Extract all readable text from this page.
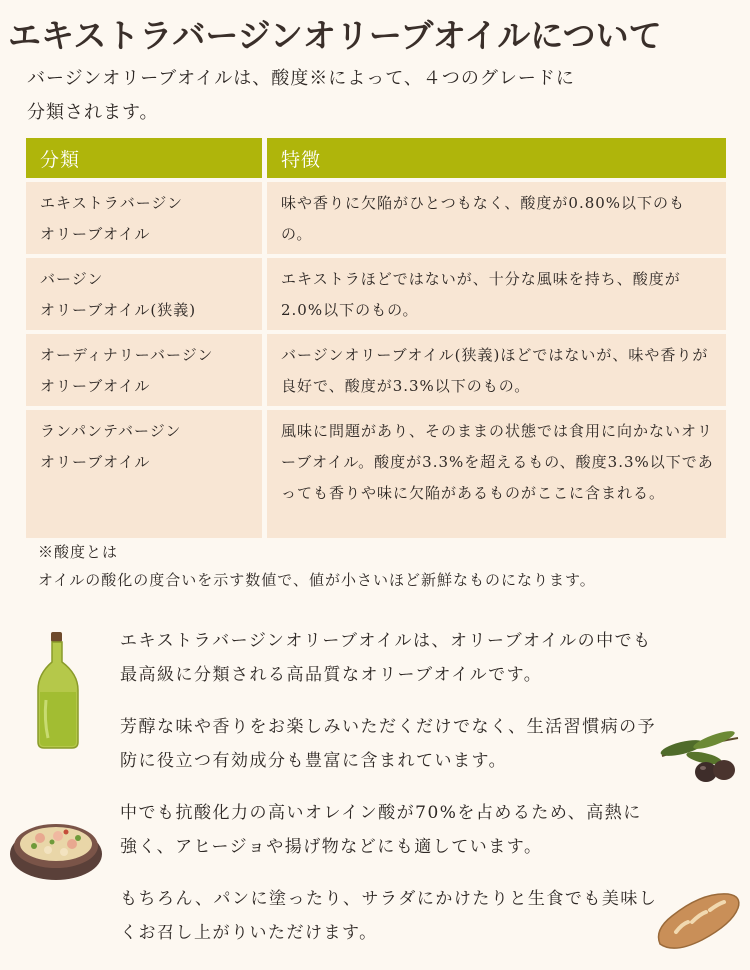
エキストラバージンオリーブオイルについて
バージンオリーブオイルは、酸度※によって、４つのグレードに
分類されます。
分類	特徴

エキストラバージン
オリーブオイル	味や香りに欠陥がひとつもなく、酸度が0.80%以下のもの。

バージン
オリーブオイル(狭義)	エキストラほどではないが、十分な風味を持ち、酸度が2.0%以下のもの。

オーディナリーバージン
オリーブオイル	バージンオリーブオイル(狭義)ほどではないが、味や香りが良好で、酸度が3.3%以下のもの。

ランパンテバージン
オリーブオイル	風味に問題があり、そのままの状態では食用に向かないオリーブオイル。酸度が3.3%を超えるもの、酸度3.3%以下であっても香りや味に欠陥があるものがここに含まれる。
※酸度とは
オイルの酸化の度合いを示す数値で、値が小さいほど新鮮なものになります。

エキストラバージンオリーブオイルは、オリーブオイルの中でも最高級に分類される高品質なオリーブオイルです。

芳醇な味や香りをお楽しみいただくだけでなく、生活習慣病の予防に役立つ有効成分も豊富に含まれています。

中でも抗酸化力の高いオレイン酸が70%を占めるため、高熱に強く、アヒージョや揚げ物などにも適しています。

もちろん、パンに塗ったり、サラダにかけたりと生食でも美味しくお召し上がりいただけます。
